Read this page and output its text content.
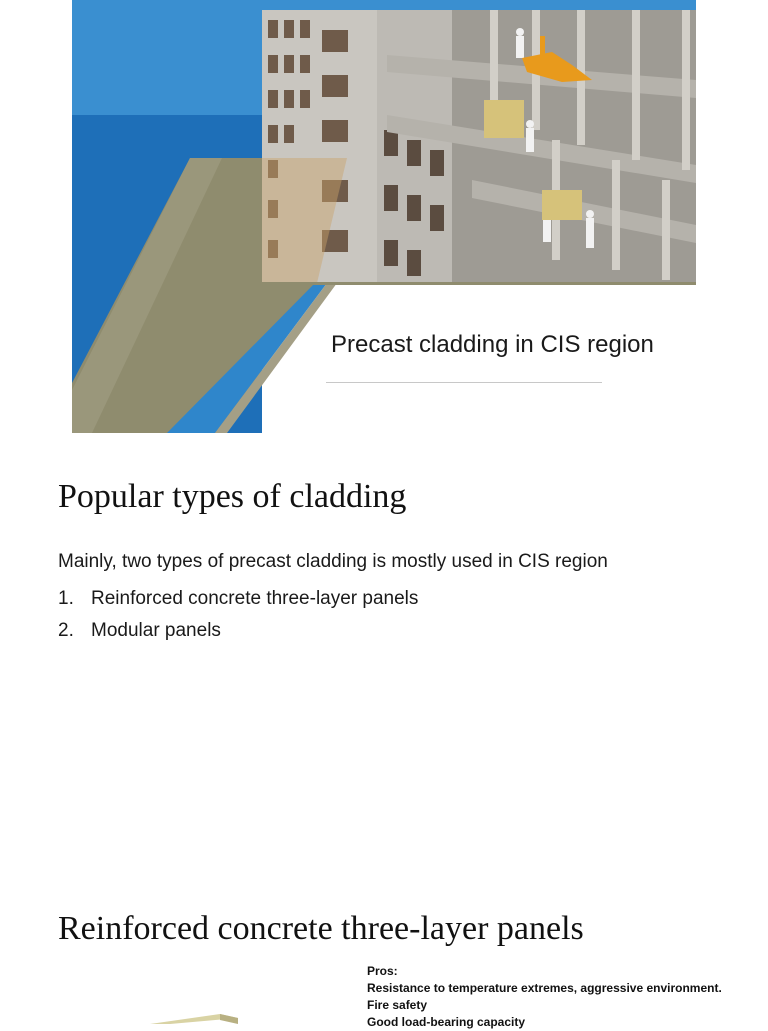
Precast cladding in CIS region
Popular types of cladding
Mainly, two types of precast cladding is mostly used in CIS region
1. Reinforced concrete three-layer panels
2. Modular panels
Reinforced concrete three-layer panels
Pros:
Resistance to temperature extremes, aggressive environment.
Fire safety
Good load-bearing capacity
